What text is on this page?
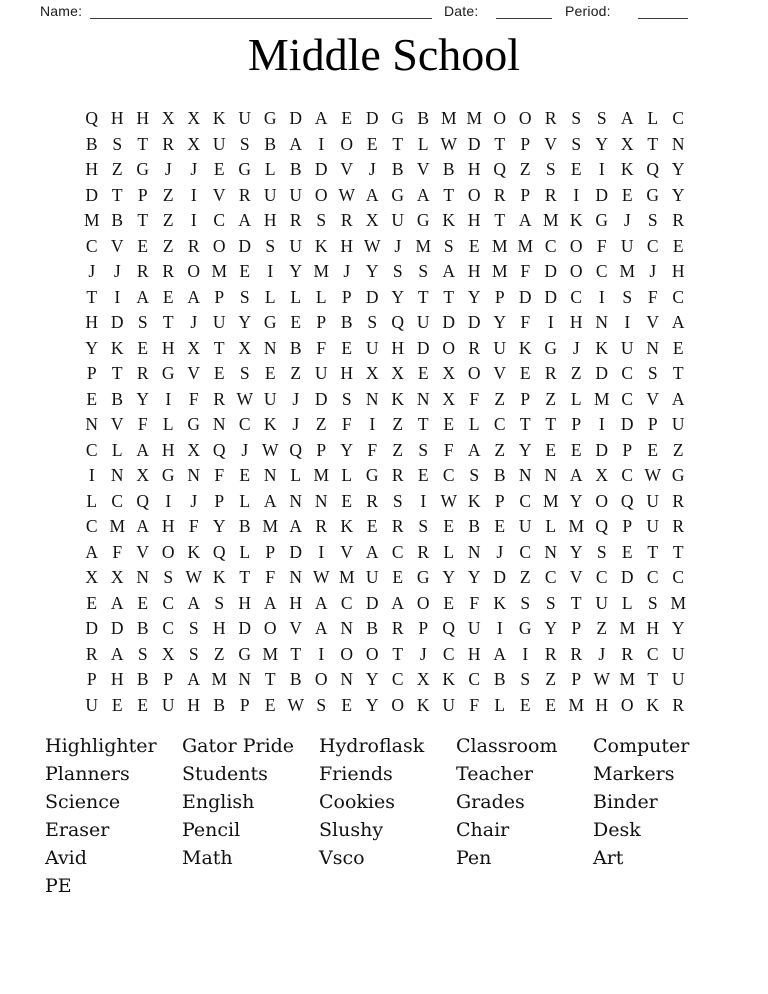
Name:	Date:	Period:
Middle School
Q H H X X K U G D A E D G B M M O O R S S A L C
B S T R X U S B A I O E T L W D T P V S Y X T N
H Z G J	J E G L B D V J B V B H Q Z S E I K Q Y
D T P Z I V R U U O W A G A T O R P R I D E G Y
M B T Z I C A H R S R X U G K H T A M K G J S R
C V E Z R O D S U K H W J M S E M M C O F U C E
J	J R R O M E I Y M J Y S S A H M F D O C M J H
T I A E A P S L L L P D Y T T Y P D D C I	S F C
H D S T J U Y G E P B S Q U D D Y F	I H N I V A
Y K E H X T X N B F E U H D O R U K G J K U N E
P T R G V E S E Z U H X X E X O V E R Z D C S T
E B Y I	F R W U J D S N K N X F Z P Z L M C V A
N V F L G N C K J Z F	I Z T E L C T T P	I D P U
C L A H X Q J W Q P Y F Z S F A Z Y E E D P E Z
I N X G N F E N L M L G R E C S B N N A X C W G
L C Q I	J P L A N N E R S	I W K P C M Y O Q U R
C M A H F Y B M A R K E R S E B E U L M Q P U R
A F V O K Q L P D I V A C R L N J C N Y S E T T
X X N S W K T F N W M U E G Y Y D Z C V C D C C
E A E C A S H A H A C D A O E F K S S T U L S M
D D B C S H D O V A N B R P Q U I G Y P Z M H Y
R A S X S Z G M T I O O T J C H A I R R J R C U
P H B P A M N T B O N Y C X K C B S Z P W M T U
U E E U H B P E W S E Y O K U F L E E M H O K R
Highlighter
Planners
Science
Eraser
Avid
PE
Gator Pride
Students
English
Pencil
Math
Hydroflask
Friends
Cookies
Slushy
Vsco
Classroom
Teacher
Grades
Chair
Pen
Computer
Markers
Binder
Desk
Art
